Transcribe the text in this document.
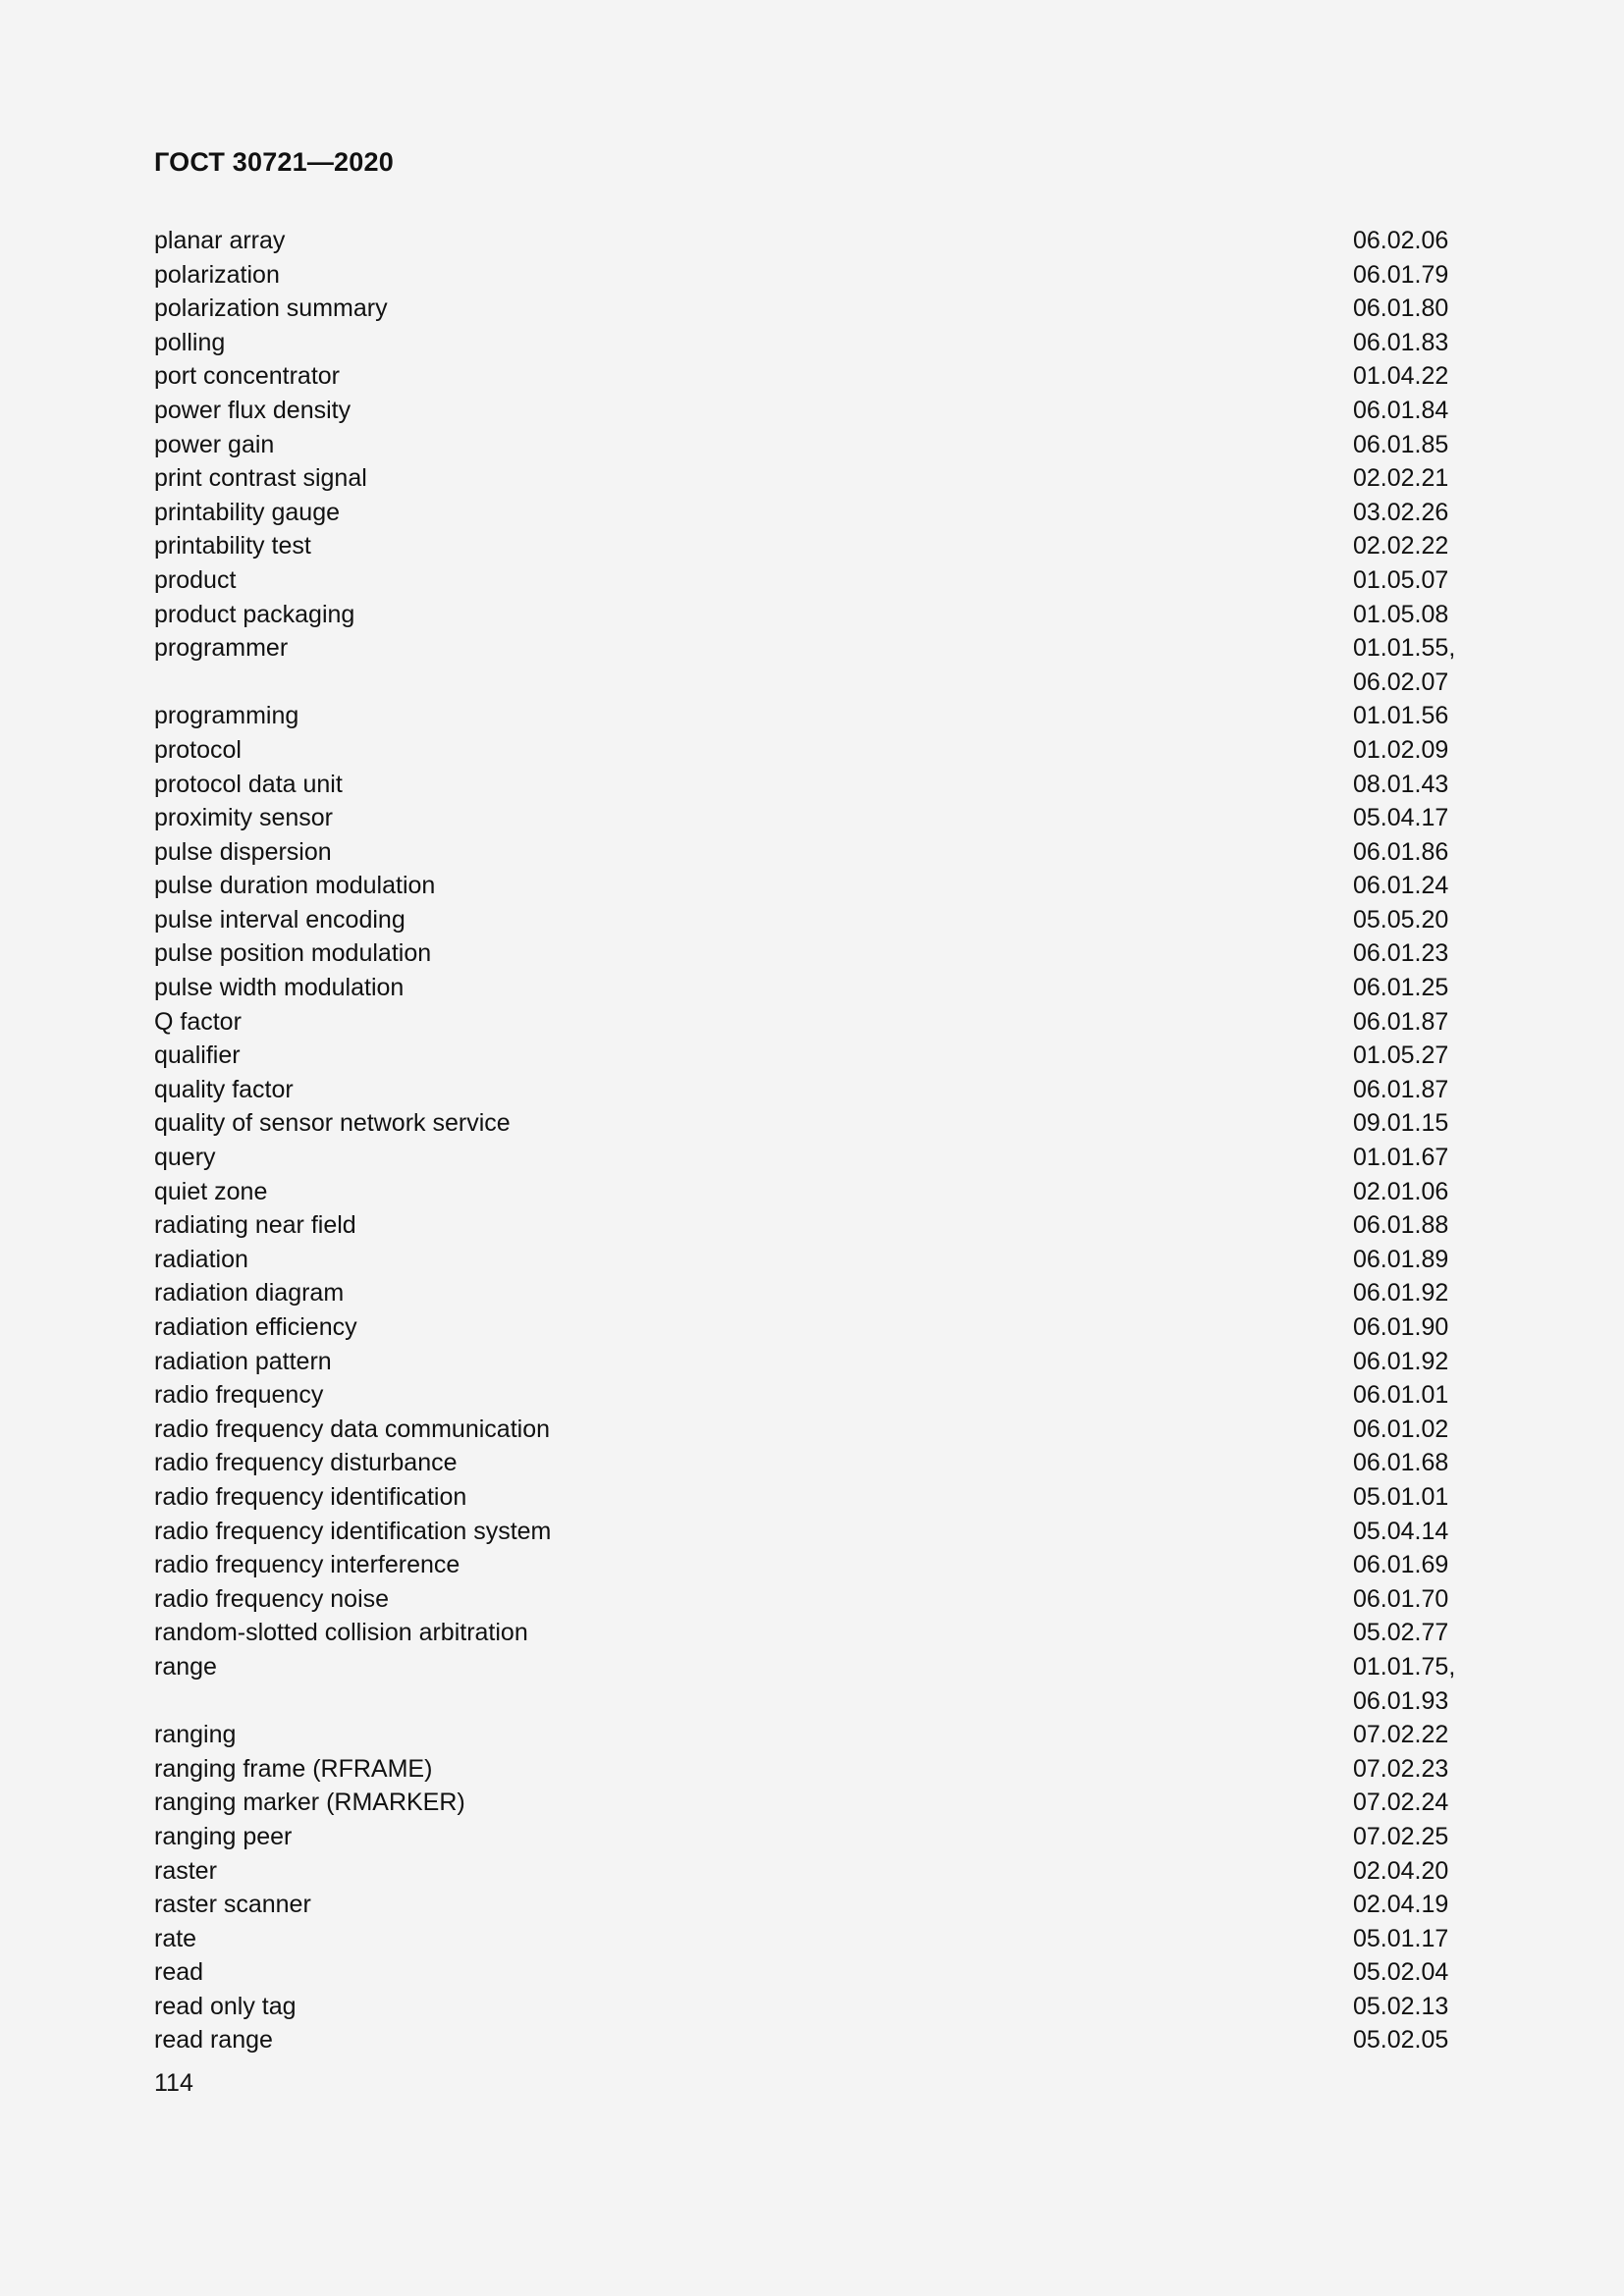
ГОСТ 30721—2020
planar array	06.02.06
polarization	06.01.79
polarization summary	06.01.80
polling	06.01.83
port concentrator	01.04.22
power flux density	06.01.84
power gain	06.01.85
print contrast signal	02.02.21
printability gauge	03.02.26
printability test	02.02.22
product	01.05.07
product packaging	01.05.08
programmer	01.01.55,
06.02.07
programming	01.01.56
protocol	01.02.09
protocol data unit	08.01.43
proximity sensor	05.04.17
pulse dispersion	06.01.86
pulse duration modulation	06.01.24
pulse interval encoding	05.05.20
pulse position modulation	06.01.23
pulse width modulation	06.01.25
Q factor	06.01.87
qualifier	01.05.27
quality factor	06.01.87
quality of sensor network service	09.01.15
query	01.01.67
quiet zone	02.01.06
radiating near field	06.01.88
radiation	06.01.89
radiation diagram	06.01.92
radiation efficiency	06.01.90
radiation pattern	06.01.92
radio frequency	06.01.01
radio frequency data communication	06.01.02
radio frequency disturbance	06.01.68
radio frequency identification	05.01.01
radio frequency identification system	05.04.14
radio frequency interference	06.01.69
radio frequency noise	06.01.70
random-slotted collision arbitration	05.02.77
range	01.01.75,
06.01.93
ranging	07.02.22
ranging frame (RFRAME)	07.02.23
ranging marker (RMARKER)	07.02.24
ranging peer	07.02.25
raster	02.04.20
raster scanner	02.04.19
rate	05.01.17
read	05.02.04
read only tag	05.02.13
read range	05.02.05
114
